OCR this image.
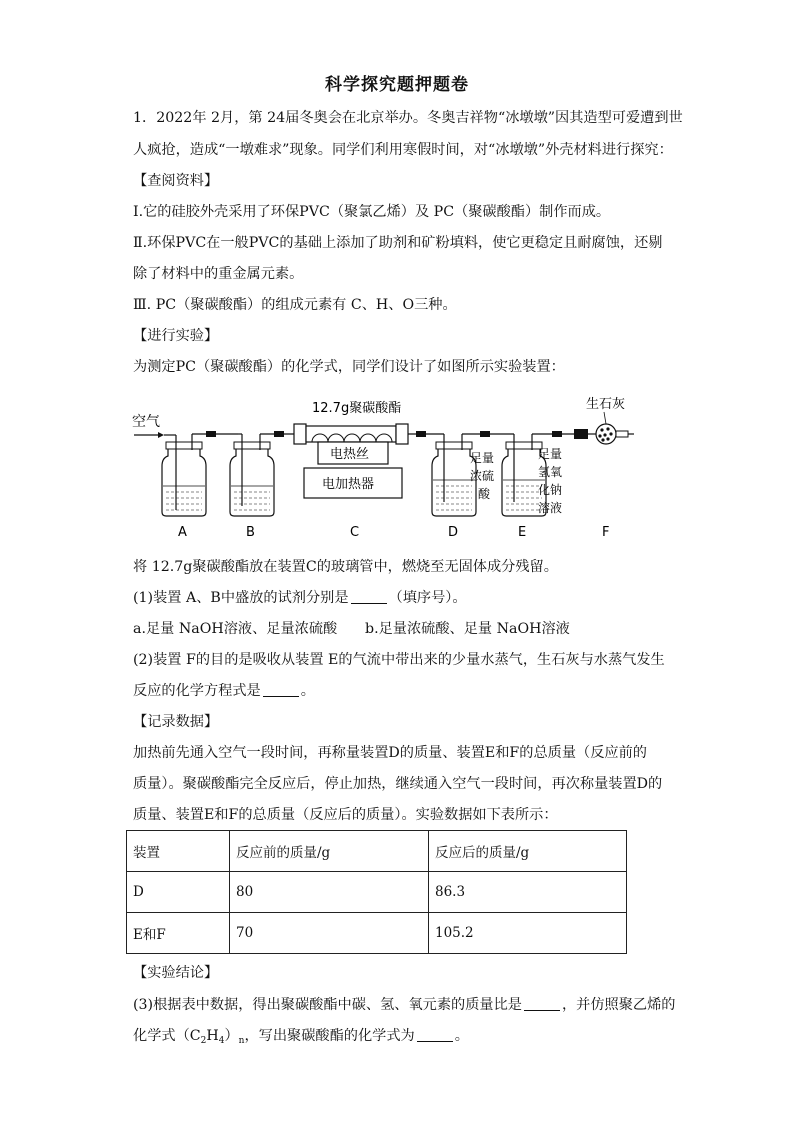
科学探究题押题卷
1．2022年 2月，第 24届冬奥会在北京举办。冬奥吉祥物“冰墩墩”因其造型可爱遭到世
人疯抢，造成“一墩难求”现象。同学们利用寒假时间，对“冰墩墩”外壳材料进行探究：
【查阅资料】
Ⅰ.它的硅胶外壳采用了环保PVC（聚氯乙烯）及 PC（聚碳酸酯）制作而成。
Ⅱ.环保PVC在一般PVC的基础上添加了助剂和矿粉填料，使它更稳定且耐腐蚀，还剔
除了材料中的重金属元素。
Ⅲ. PC（聚碳酸酯）的组成元素有 C、H、O三种。
【进行实验】
为测定PC（聚碳酸酯）的化学式，同学们设计了如图所示实验装置：
空气
12.7g聚碳酸酯
电热丝
电加热器
足量
浓硫
酸
足量
氢氧
化钠
溶液
生石灰
A	B	C	D	E	F
将 12.7g聚碳酸酯放在装置C的玻璃管中，燃烧至无固体成分残留。
(1)装置 A、B中盛放的试剂分别是	（填序号）。
a.足量 NaOH溶液、足量浓硫酸 b.足量浓硫酸、足量 NaOH溶液
(2)装置 F的目的是吸收从装置 E的气流中带出来的少量水蒸气，生石灰与水蒸气发生
反应的化学方程式是	。
【记录数据】
加热前先通入空气一段时间，再称量装置D的质量、装置E和F的总质量（反应前的
质量）。聚碳酸酯完全反应后，停止加热，继续通入空气一段时间，再次称量装置D的
质量、装置E和F的总质量（反应后的质量）。实验数据如下表所示：
装置	反应前的质量/g	反应后的质量/g
D	80	86.3
E和F	70	105.2
【实验结论】
(3)根据表中数据，得出聚碳酸酯中碳、氢、氧元素的质量比是	，并仿照聚乙烯的
化学式$(C_2H_4)_n$，写出聚碳酸酯的化学式为	。
